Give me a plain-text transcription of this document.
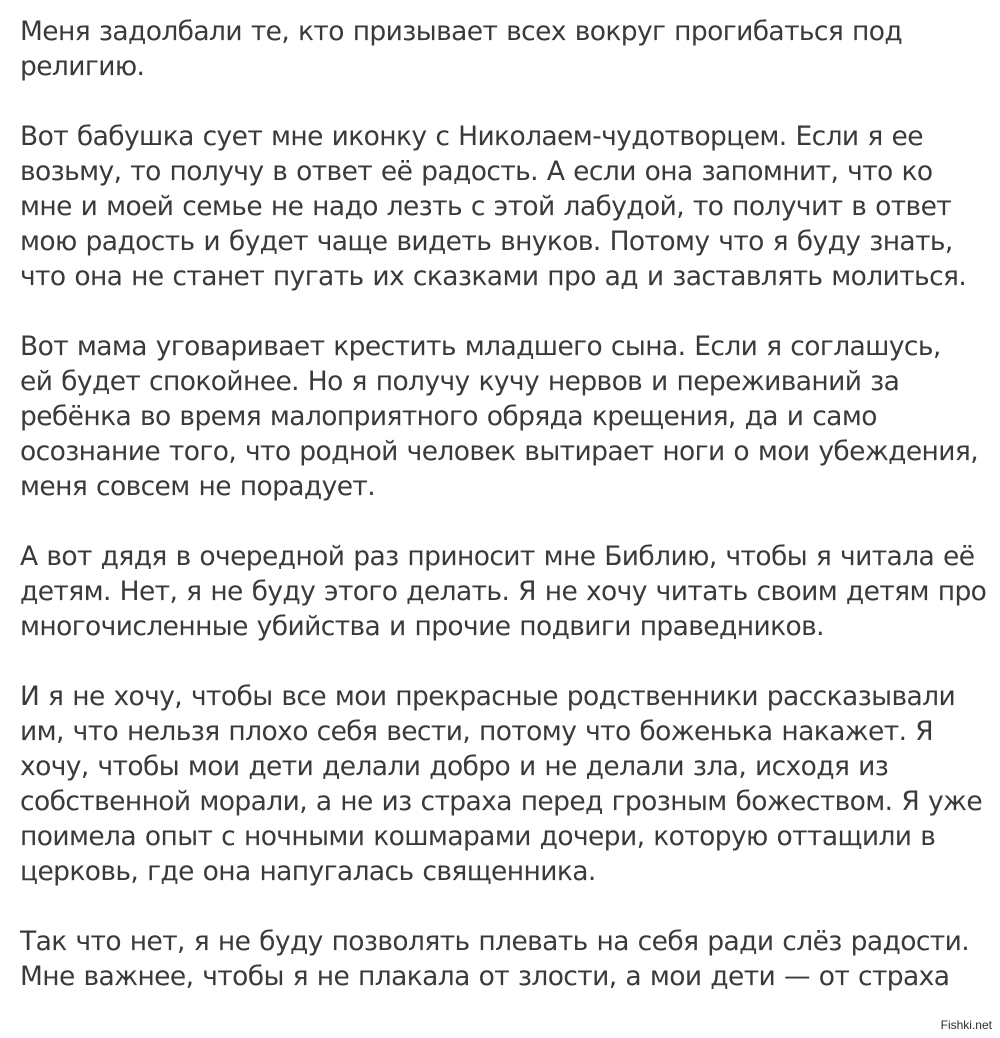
Меня задолбали те, кто призывает всех вокруг прогибаться под
религию.

Вот бабушка сует мне иконку с Николаем-чудотворцем. Если я ее
возьму, то получу в ответ её радость. А если она запомнит, что ко
мне и моей семье не надо лезть с этой лабудой, то получит в ответ
мою радость и будет чаще видеть внуков. Потому что я буду знать,
что она не станет пугать их сказками про ад и заставлять молиться.

Вот мама уговаривает крестить младшего сына. Если я соглашусь,
ей будет спокойнее. Но я получу кучу нервов и переживаний за
ребёнка во время малоприятного обряда крещения, да и само
осознание того, что родной человек вытирает ноги о мои убеждения,
меня совсем не порадует.

А вот дядя в очередной раз приносит мне Библию, чтобы я читала её
детям. Нет, я не буду этого делать. Я не хочу читать своим детям про
многочисленные убийства и прочие подвиги праведников.

И я не хочу, чтобы все мои прекрасные родственники рассказывали
им, что нельзя плохо себя вести, потому что боженька накажет. Я
хочу, чтобы мои дети делали добро и не делали зла, исходя из
собственной морали, а не из страха перед грозным божеством. Я уже
поимела опыт с ночными кошмарами дочери, которую оттащили в
церковь, где она напугалась священника.

Так что нет, я не буду позволять плевать на себя ради слёз радости.
Мне важнее, чтобы я не плакала от злости, а мои дети — от страха

Fishki.net
